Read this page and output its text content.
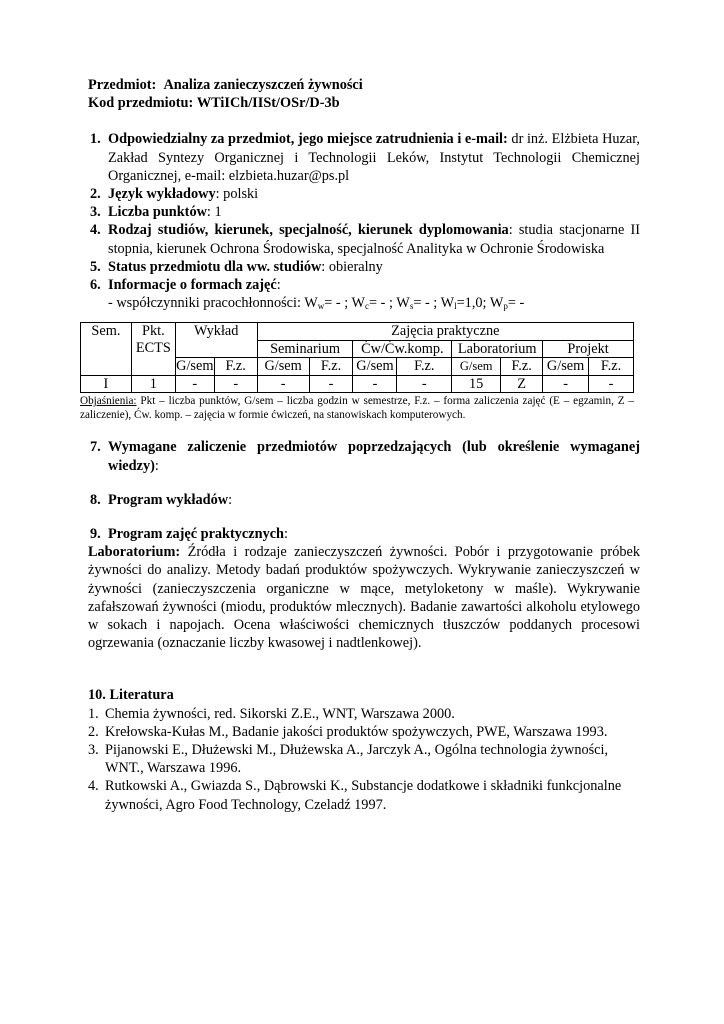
Przedmiot: Analiza zanieczyszczeń żywności

Kod przedmiotu: WTiICh/IISt/OSr/D-3b

1. Odpowiedzialny za przedmiot, jego miejsce zatrudnienia i e-mail: dr inż. Elżbieta Huzar, Zakład Syntezy Organicznej i Technologii Leków, Instytut Technologii Chemicznej Organicznej, e-mail: elzbieta.huzar@ps.pl
2. Język wykładowy: polski
3. Liczba punktów: 1
4. Rodzaj studiów, kierunek, specjalność, kierunek dyplomowania: studia stacjonarne II stopnia, kierunek Ochrona Środowiska, specjalność Analityka w Ochronie Środowiska
5. Status przedmiotu dla ww. studiów: obieralny
6. Informacje o formach zajęć:
- współczynniki pracochłonności: $W_w=$ - ; $W_c=$ - ; $W_s=$ - ; $W_l=1,0$; $W_p=$ -
Sem.	Pkt. ECTS	Wykład		Zajęcia praktyczne							
				Seminarium		Ćw/Ćw.komp.		Laboratorium		Projekt	
		G/sem	F.z.	G/sem	F.z.	G/sem	F.z.	G/sem	F.z.	G/sem	F.z.
I	1	-	-	-	-	-	-	15	Z	-	-

Objaśnienia: Pkt – liczba punktów, G/sem – liczba godzin w semestrze, F.z. – forma zaliczenia zajęć (E – egzamin, Z – zaliczenie), Ćw. komp. – zajęcia w formie ćwiczeń, na stanowiskach komputerowych.

7. Wymagane zaliczenie przedmiotów poprzedzających (lub określenie wymaganej wiedzy):
8. Program wykładów:
9. Program zajęć praktycznych:

Laboratorium: Źródła i rodzaje zanieczyszczeń żywności. Pobór i przygotowanie próbek żywności do analizy. Metody badań produktów spożywczych. Wykrywanie zanieczyszczeń w żywności (zanieczyszczenia organiczne w mące, metyloketony w maśle). Wykrywanie zafałszowań żywności (miodu, produktów mlecznych). Badanie zawartości alkoholu etylowego w sokach i napojach. Ocena właściwości chemicznych tłuszczów poddanych procesowi ogrzewania (oznaczanie liczby kwasowej i nadtlenkowej).

10. Literatura

1. Chemia żywności, red. Sikorski Z.E., WNT, Warszawa 2000.
2. Krełowska-Kułas M., Badanie jakości produktów spożywczych, PWE, Warszawa 1993.
3. Pijanowski E., Dłużewski M., Dłużewska A., Jarczyk A., Ogólna technologia żywności, WNT., Warszawa 1996.
4. Rutkowski A., Gwiazda S., Dąbrowski K., Substancje dodatkowe i składniki funkcjonalne żywności, Agro Food Technology, Czeladź 1997.
